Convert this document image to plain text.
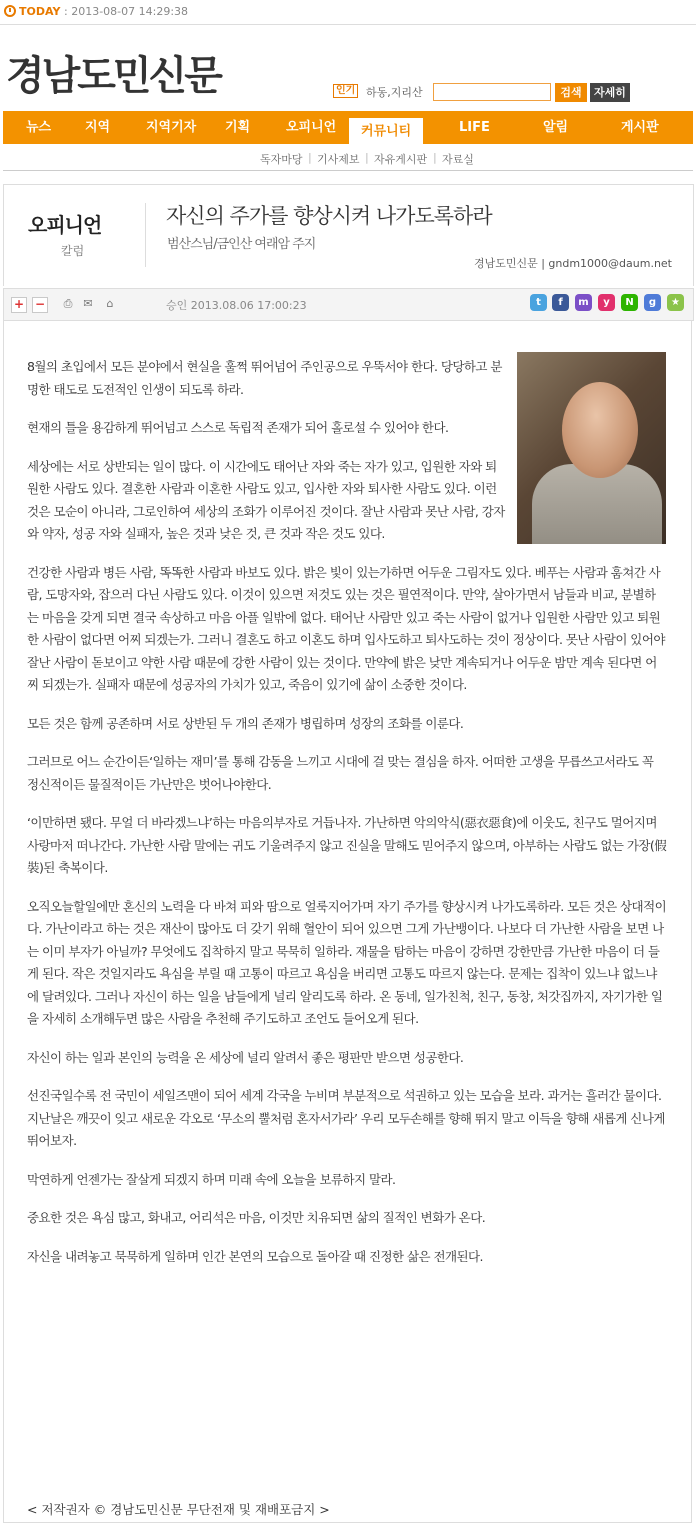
TODAY : 2013-08-07 14:29:38
경남도민신문	인기 하동,지리산	검색	자세히
뉴스	지역	지역기자 기획	오피니언	커뮤니티	LIFE	알림	게시판
독자마당 | 기사제보 | 자유게시판 | 자료실
오피니언
칼럼
자신의 주가를 향상시켜 나가도록하라
범산스님/금인산 여래암 주지
경남도민신문 | gndm1000@daum.net
+ − ⎙ ✉	⌂	승인 2013.08.06 17:00:23	t	f	m	y	N	g	★

8월의 초입에서 모든 분야에서 현실을 훌쩍 뛰어넘어 주인공으로 우뚝서야 한다. 당당하고 분명한 태도로 도전적인 인생이 되도록 하라.

현재의 틀을 용감하게 뛰어넘고 스스로 독립적 존재가 되어 홀로설 수 있어야 한다.

세상에는 서로 상반되는 일이 많다. 이 시간에도 태어난 자와 죽는 자가 있고, 입원한 자와 퇴원한 사람도 있다. 결혼한 사람과 이혼한 사람도 있고, 입사한 자와 퇴사한 사람도 있다. 이런 것은 모순이 아니라, 그로인하여 세상의 조화가 이루어진 것이다. 잘난 사람과 못난 사람, 강자와 약자, 성공 자와 실패자, 높은 것과 낮은 것, 큰 것과 작은 것도 있다.

건강한 사람과 병든 사람, 똑똑한 사람과 바보도 있다. 밝은 빛이 있는가하면 어두운 그림자도 있다. 베푸는 사람과 훔쳐간 사람, 도망자와, 잡으러 다닌 사람도 있다. 이것이 있으면 저것도 있는 것은 필연적이다. 만약, 살아가면서 남들과 비교, 분별하는 마음을 갖게 되면 결국 속상하고 마음 아플 일밖에 없다. 태어난 사람만 있고 죽는 사람이 없거나 입원한 사람만 있고 퇴원한 사람이 없다면 어찌 되겠는가. 그러니 결혼도 하고 이혼도 하며 입사도하고 퇴사도하는 것이 정상이다. 못난 사람이 있어야 잘난 사람이 돋보이고 약한 사람 때문에 강한 사람이 있는 것이다. 만약에 밝은 낮만 계속되거나 어두운 밤만 계속 된다면 어찌 되겠는가. 실패자 때문에 성공자의 가치가 있고, 죽음이 있기에 삶이 소중한 것이다.

모든 것은 함께 공존하며 서로 상반된 두 개의 존재가 병립하며 성장의 조화를 이룬다.

그러므로 어느 순간이든‘일하는 재미’를 통해 감동을 느끼고 시대에 걸 맞는 결심을 하자. 어떠한 고생을 무릅쓰고서라도 꼭 정신적이든 물질적이든 가난만은 벗어나야한다.

‘이만하면 됐다. 무얼 더 바라겠느냐’하는 마음의부자로 거듭나자. 가난하면 악의악식(惡衣惡食)에 이웃도, 친구도 멀어지며 사랑마저 떠나간다. 가난한 사람 말에는 귀도 기울려주지 않고 진실을 말해도 믿어주지 않으며, 아부하는 사람도 없는 가장(假裝)된 축복이다.

오직오늘할일에만 혼신의 노력을 다 바쳐 피와 땀으로 얼룩지어가며 자기 주가를 향상시켜 나가도록하라. 모든 것은 상대적이다. 가난이라고 하는 것은 재산이 많아도 더 갖기 위해 혈안이 되어 있으면 그게 가난뱅이다. 나보다 더 가난한 사람을 보면 나는 이미 부자가 아닐까? 무엇에도 집착하지 말고 묵묵히 일하라. 재물을 탐하는 마음이 강하면 강한만큼 가난한 마음이 더 들게 된다. 작은 것일지라도 욕심을 부릴 때 고통이 따르고 욕심을 버리면 고통도 따르지 않는다. 문제는 집착이 있느냐 없느냐에 달려있다. 그러나 자신이 하는 일을 남들에게 널리 알리도록 하라. 온 동네, 일가친척, 친구, 동창, 처갓집까지, 자기가한 일을 자세히 소개해두면 많은 사람을 추천해 주기도하고 조언도 들어오게 된다.

자신이 하는 일과 본인의 능력을 온 세상에 널리 알려서 좋은 평판만 받으면 성공한다.

선진국일수록 전 국민이 세일즈맨이 되어 세계 각국을 누비며 부분적으로 석권하고 있는 모습을 보라. 과거는 흘러간 물이다. 지난날은 깨끗이 잊고 새로운 각오로 ‘무소의 뿔처럼 혼자서가라’ 우리 모두손해를 향해 뛰지 말고 이득을 향해 새롭게 신나게 뛰어보자.

막연하게 언젠가는 잘살게 되겠지 하며 미래 속에 오늘을 보류하지 말라.

중요한 것은 욕심 많고, 화내고, 어리석은 마음, 이것만 치유되면 삶의 질적인 변화가 온다.

자신을 내려놓고 묵묵하게 일하며 인간 본연의 모습으로 돌아갈 때 진정한 삶은 전개된다.

< 저작권자 © 경남도민신문 무단전재 및 재배포금지 >
